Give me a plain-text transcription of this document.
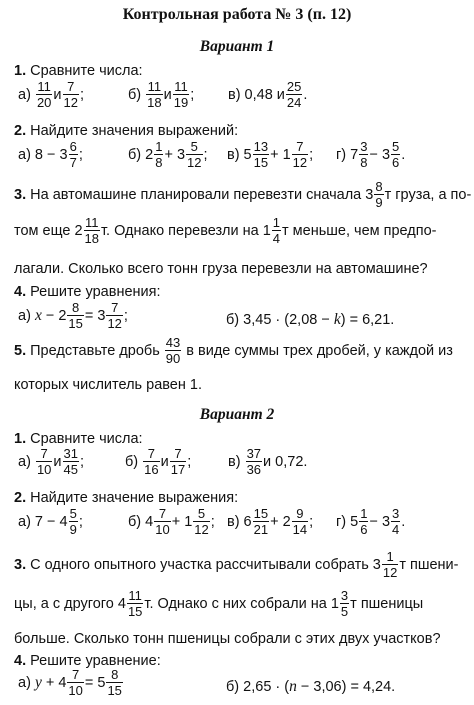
Контрольная работа № 3 (п. 12)
Вариант 1
1. Сравните числа:
а)
11
20 и 7
12 ;	б)
11
18 и 11
19 ; в) 0,48 и 25
24 .
2. Найдите значения выражений:
а) 8 − 3 6
7 ;	б) 2 1
8 + 3 5
12 ; в) 5 13
15 + 1 7
12 ; г) 7 3
8 − 3 5
6 .
3.
На автомашине планировали перевезти сначала 3 8
9 т груза, а по-
том еще 2 11
18 т. Однако перевезли на 1 1
4 т меньше, чем предпо-
лагали. Сколько всего тонн груза перевезли на автомашине?
4. Решите уравнения:
а)
x
− $2 \frac{8}{15} = 3$ 7
12 ;	б) 3,45 · (2,08 − k) = 6,21.
5.
Представьте дробь
43
90
в виде суммы трех дробей, у каждой из
которых числитель равен 1.
Вариант 2
1. Сравните числа:
а)
7
10 и 31
45 ;	б)
7
16 и 7
17 ;	в)
37
36 и 0,72.
2. Найдите значение выражения:
а) 7 − 4 5
9 ;	б) 4 7
10 + 1 5
12 ; в) 6 15
21 + 2 9
14 ; г) 5 1
6 − 3 3
4 .
3.
С одного опытного участка рассчитывали собрать 3 1
12 т пшени-
цы, а с другого 4 11
15 т. Однако с них собрали на 1 3
5 т пшеницы
больше. Сколько тонн пшеницы собрали с этих двух участков?
4. Решите уравнение:
а)
y
+ $4 \frac{7}{10} = 5$ 8
15	б) 2,65 · (n − 3,06) = 4,24.
